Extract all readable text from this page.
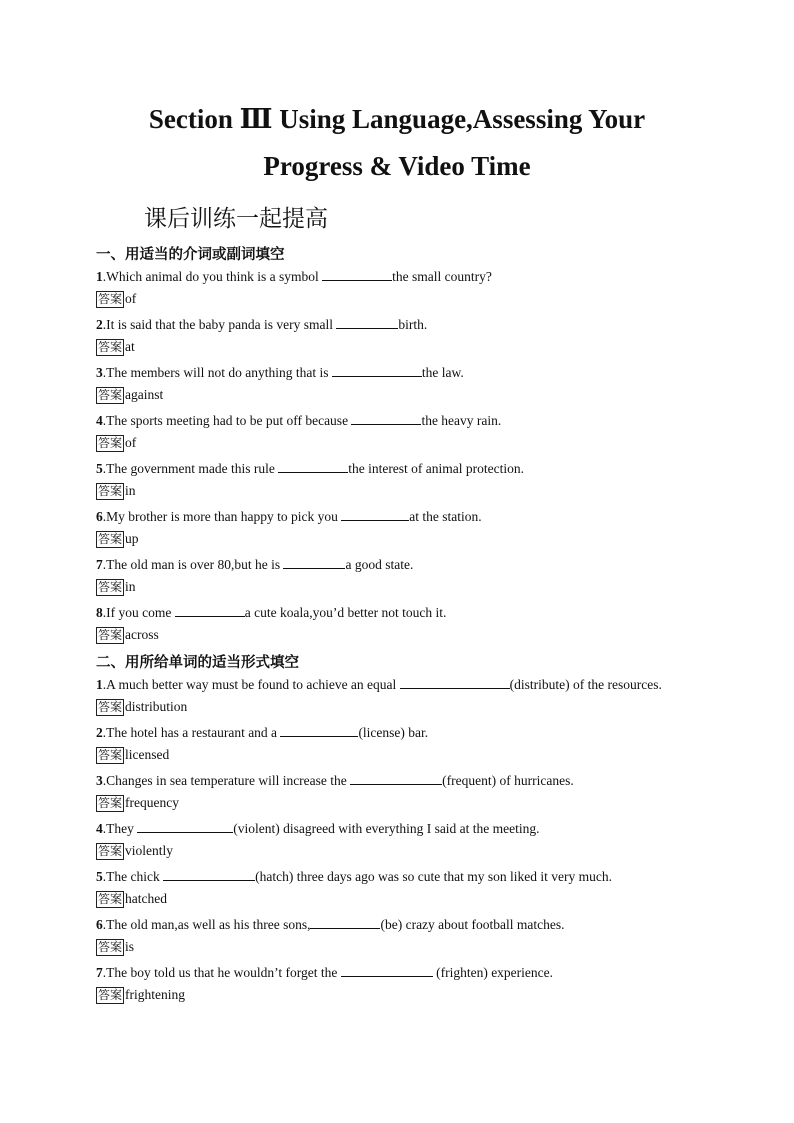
Section Ⅲ Using Language,Assessing Your
Progress & Video Time
课后训练一起提高
一、用适当的介词或副词填空
1.Which animal do you think is a symbol	the small country?
答案 of
2.It is said that the baby panda is very small	birth.
答案 at
3.The members will not do anything that is	the law.
答案 against
4.The sports meeting had to be put off because	the heavy rain.
答案 of
5.The government made this rule	the interest of animal protection.
答案 in
6.My brother is more than happy to pick you	at the station.
答案 up
7.The old man is over 80,but he is	a good state.
答案 in
8.If you come	a cute koala,you’d better not touch it.
答案 across
二、用所给单词的适当形式填空
1.A much better way must be found to achieve an equal	(distribute) of the resources.
答案 distribution
2.The hotel has a restaurant and a	(license) bar.
答案 licensed
3.Changes in sea temperature will increase the	(frequent) of hurricanes.
答案 frequency
4.They	(violent) disagreed with everything I said at the meeting.
答案 violently
5.The chick	(hatch) three days ago was so cute that my son liked it very much.
答案 hatched
6.The old man,as well as his three sons,	(be) crazy about football matches.
答案 is
7.The boy told us that he wouldn’t forget the	(frighten) experience.
答案 frightening
